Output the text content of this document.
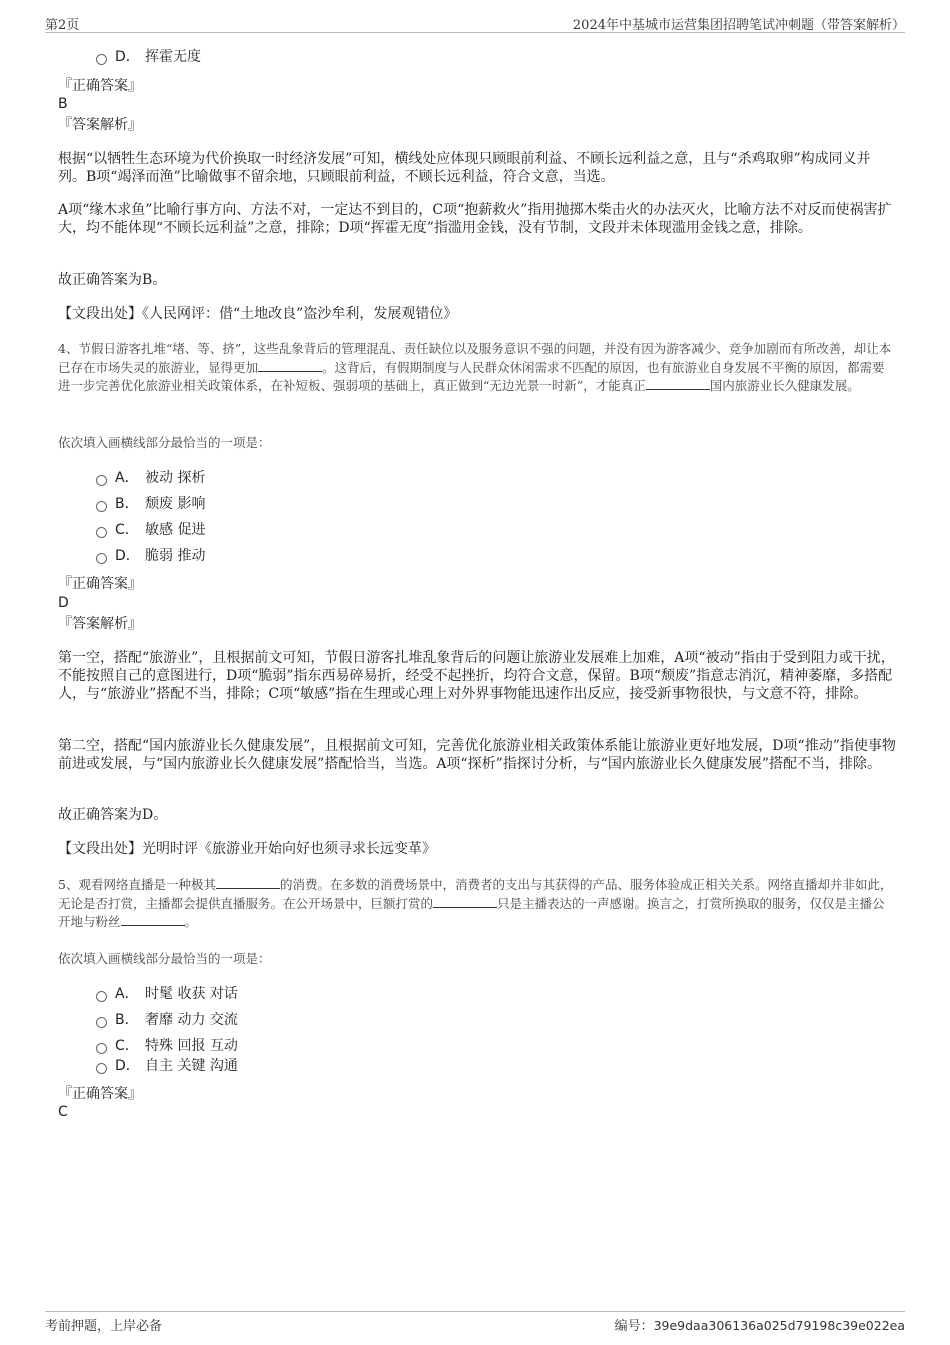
第2页	2024年中基城市运营集团招聘笔试冲刺题（带答案解析）
D． 挥霍无度
『正确答案』
B
『答案解析』
根据“以牺牲生态环境为代价换取一时经济发展”可知，横线处应体现只顾眼前利益、不顾长远利益之意，且与“杀鸡取卵”构成同义并列。B项“竭泽而渔”比喻做事不留余地，只顾眼前利益，不顾长远利益，符合文意，当选。
A项“缘木求鱼”比喻行事方向、方法不对，一定达不到目的，C项“抱薪救火”指用抛掷木柴击火的办法灭火，比喻方法不对反而使祸害扩大，均不能体现“不顾长远利益”之意，排除；D项“挥霍无度”指滥用金钱，没有节制，文段并未体现滥用金钱之意，排除。
故正确答案为B。
【文段出处】《人民网评：借“土地改良”盗沙牟利，发展观错位》
4、节假日游客扎堆“堵、等、挤”，这些乱象背后的管理混乱、责任缺位以及服务意识不强的问题，并没有因为游客减少、竞争加剧而有所改善，却让本已存在市场失灵的旅游业，显得更加	。这背后，有假期制度与人民群众休闲需求不匹配的原因，也有旅游业自身发展不平衡的原因，都需要进一步完善优化旅游业相关政策体系，在补短板、强弱项的基础上，真正做到“无边光景一时新”，才能真正	国内旅游业长久健康发展。
依次填入画横线部分最恰当的一项是：
A． 被动 探析
B． 颓废 影响
C． 敏感 促进
D． 脆弱 推动
『正确答案』
D
『答案解析』
第一空，搭配“旅游业”，且根据前文可知，节假日游客扎堆乱象背后的问题让旅游业发展难上加难，A项“被动”指由于受到阻力或干扰，不能按照自己的意图进行，D项“脆弱”指东西易碎易折，经受不起挫折，均符合文意，保留。B项“颓废”指意志消沉，精神萎靡，多搭配人，与“旅游业”搭配不当，排除；C项“敏感”指在生理或心理上对外界事物能迅速作出反应，接受新事物很快，与文意不符，排除。
第二空，搭配“国内旅游业长久健康发展”，且根据前文可知，完善优化旅游业相关政策体系能让旅游业更好地发展，D项“推动”指使事物前进或发展，与“国内旅游业长久健康发展”搭配恰当，当选。A项“探析”指探讨分析，与“国内旅游业长久健康发展”搭配不当，排除。
故正确答案为D。
【文段出处】光明时评《旅游业开始向好也须寻求长远变革》
5、观看网络直播是一种极其	的消费。在多数的消费场景中，消费者的支出与其获得的产品、服务体验成正相关关系。网络直播却并非如此，无论是否打赏，主播都会提供直播服务。在公开场景中，巨额打赏的	只是主播表达的一声感谢。换言之，打赏所换取的服务，仅仅是主播公开地与粉丝	。
依次填入画横线部分最恰当的一项是：
A． 时髦 收获 对话
B． 奢靡 动力 交流
C． 特殊 回报 互动
D． 自主 关键 沟通
『正确答案』
C
考前押题，上岸必备	编号：39e9daa306136a025d79198c39e022ea
